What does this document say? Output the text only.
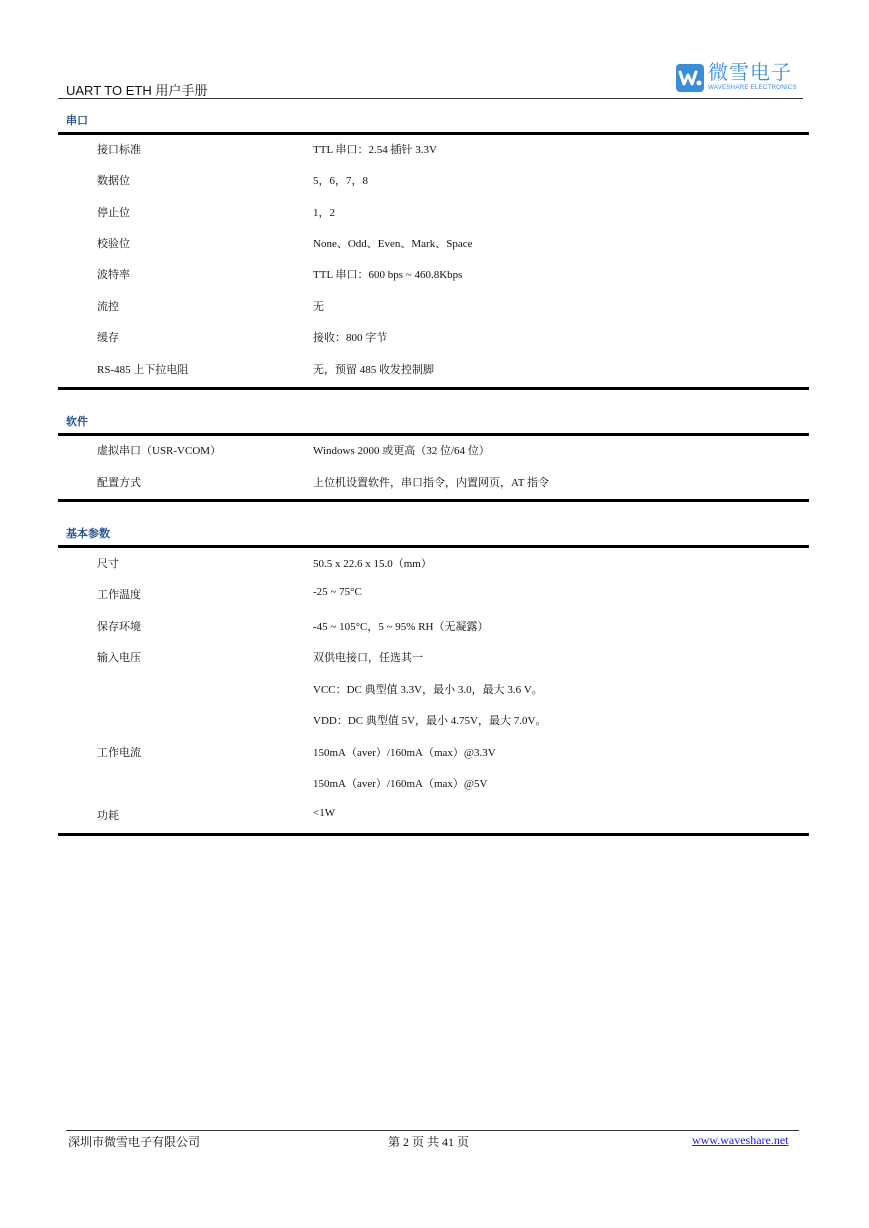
UART TO ETH 用户手册
微雪电子
WAVESHARE ELECTRONICS
串口
接口标准	TTL 串口：2.54 插针 3.3V
数据位	5，6，7，8
停止位	1，2
校验位	None、Odd、Even、Mark、Space
波特率	TTL 串口：600 bps ~ 460.8Kbps
流控	无
缓存	接收：800 字节
RS-485 上下拉电阻	无，预留 485 收发控制脚
软件
虚拟串口（USR-VCOM）	Windows 2000 或更高（32 位/64 位）
配置方式	上位机设置软件，串口指令，内置网页，AT 指令
基本参数
尺寸	50.5 x 22.6 x 15.0（mm）
工作温度	-25 ~ 75°C
保存环境	-45 ~ 105°C，5 ~ 95% RH（无凝露）
输入电压	双供电接口，任选其一
VCC：DC 典型值 3.3V，最小 3.0，最大 3.6 V。
VDD：DC 典型值 5V，最小 4.75V，最大 7.0V。
工作电流	150mA（aver）/160mA（max）@3.3V
150mA（aver）/160mA（max）@5V
功耗	<1W
深圳市微雪电子有限公司	第 2 页 共 41 页	www.waveshare.net
